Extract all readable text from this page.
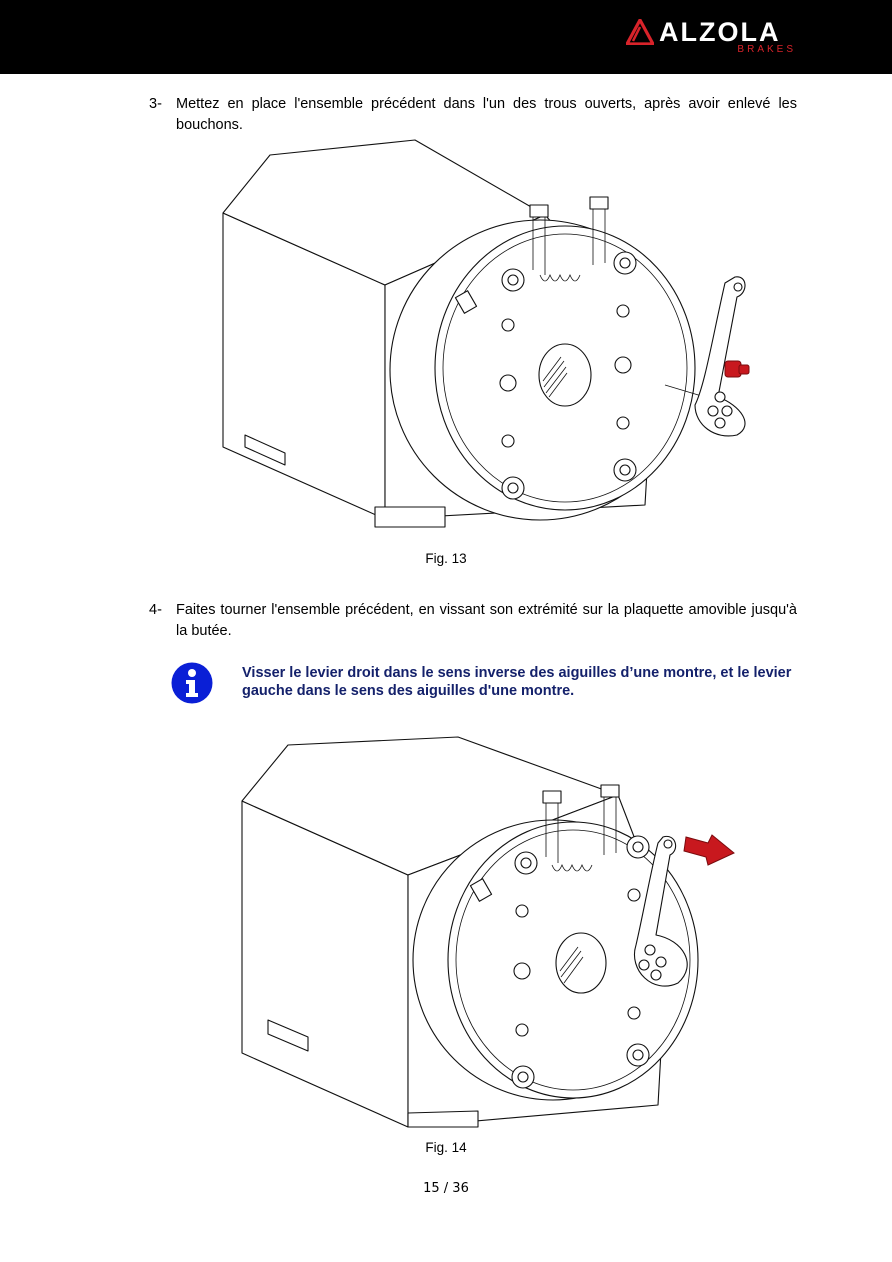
ALZOLA
BRAKES
3- Mettez en place l'ensemble précédent dans l'un des trous ouverts, après avoir enlevé les bouchons.
Fig. 13
4- Faites tourner l'ensemble précédent, en vissant son extrémité sur la plaquette amovible jusqu'à la butée.
Visser le levier droit dans le sens inverse des aiguilles d’une montre, et le levier gauche dans le sens des aiguilles d'une montre.
Fig. 14
15 / 36
